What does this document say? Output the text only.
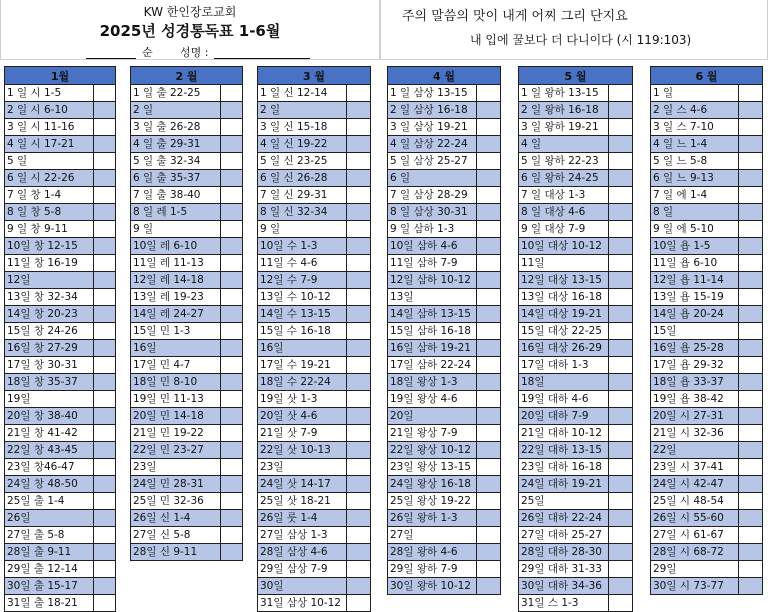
KW 한인장로교회
2025년 성경통독표 1-6월
순 성명 :
주의 말씀의 맛이 내게 어찌 그리 단지요
내 입에 꿀보다 더 다니이다 (시 119:103)
1월	
1 일 시 1-5	
2 일 시 6-10	
3 일 시 11-16	
4 일 시 17-21	
5 일	
6 일 시 22-26	
7 일 창 1-4	
8 일 창 5-8	
9 일 창 9-11	
10일 창 12-15	
11일 창 16-19	
12일	
13일 창 32-34	
14일 창 20-23	
15일 창 24-26	
16일 창 27-29	
17일 창 30-31	
18일 창 35-37	
19일	
20일 창 38-40	
21일 창 41-42	
22일 창 43-45	
23일 창46-47	
24일 창 48-50	
25일 출 1-4	
26일	
27일 출 5-8	
28일 출 9-11	
29일 출 12-14	
30일 출 15-17	
31일 출 18-21	
2 월	
1 일 출 22-25	
2 일	
3 일 출 26-28	
4 일 출 29-31	
5 일 출 32-34	
6 일 출 35-37	
7 일 출 38-40	
8 일 레 1-5	
9 일	
10일 레 6-10	
11일 레 11-13	
12일 레 14-18	
13일 레 19-23	
14일 레 24-27	
15일 민 1-3	
16일	
17일 민 4-7	
18일 민 8-10	
19일 민 11-13	
20일 민 14-18	
21일 민 19-22	
22일 민 23-27	
23일	
24일 민 28-31	
25일 민 32-36	
26일 신 1-4	
27일 신 5-8	
28일 신 9-11	
3 월	
1 일 신 12-14	
2 일	
3 일 신 15-18	
4 일 신 19-22	
5 일 신 23-25	
6 일 신 26-28	
7 일 신 29-31	
8 일 신 32-34	
9 일	
10일 수 1-3	
11일 수 4-6	
12일 수 7-9	
13일 수 10-12	
14일 수 13-15	
15일 수 16-18	
16일	
17일 수 19-21	
18일 수 22-24	
19일 삿 1-3	
20일 삿 4-6	
21일 삿 7-9	
22일 삿 10-13	
23일	
24일 삿 14-17	
25일 삿 18-21	
26일 룻 1-4	
27일 삼상 1-3	
28일 삼상 4-6	
29일 삼상 7-9	
30일	
31일 삼상 10-12	
4 월	
1 일 삼상 13-15	
2 일 삼상 16-18	
3 일 삼상 19-21	
4 일 삼상 22-24	
5 일 삼상 25-27	
6 일	
7 일 삼상 28-29	
8 일 삼상 30-31	
9 일 삼하 1-3	
10일 삼하 4-6	
11일 삼하 7-9	
12일 삼하 10-12	
13일	
14일 삼하 13-15	
15일 삼하 16-18	
16일 삼하 19-21	
17일 삼하 22-24	
18일 왕상 1-3	
19일 왕상 4-6	
20일	
21일 왕상 7-9	
22일 왕상 10-12	
23일 왕상 13-15	
24일 왕상 16-18	
25일 왕상 19-22	
26일 왕하 1-3	
27일	
28일 왕하 4-6	
29일 왕하 7-9	
30일 왕하 10-12	
5 월	
1 일 왕하 13-15	
2 일 왕하 16-18	
3 일 왕하 19-21	
4 일	
5 일 왕하 22-23	
6 일 왕하 24-25	
7 일 대상 1-3	
8 일 대상 4-6	
9 일 대상 7-9	
10일 대상 10-12	
11일	
12일 대상 13-15	
13일 대상 16-18	
14일 대상 19-21	
15일 대상 22-25	
16일 대상 26-29	
17일 대하 1-3	
18일	
19일 대하 4-6	
20일 대하 7-9	
21일 대하 10-12	
22일 대하 13-15	
23일 대하 16-18	
24일 대하 19-21	
25일	
26일 대하 22-24	
27일 대하 25-27	
28일 대하 28-30	
29일 대하 31-33	
30일 대하 34-36	
31일 스 1-3	
6 월	
1 일	
2 일 스 4-6	
3 일 스 7-10	
4 일 느 1-4	
5 일 느 5-8	
6 일 느 9-13	
7 일 에 1-4	
8 일	
9 일 에 5-10	
10일 욥 1-5	
11일 욥 6-10	
12일 욥 11-14	
13일 욥 15-19	
14일 욥 20-24	
15일	
16일 욥 25-28	
17일 욥 29-32	
18일 욥 33-37	
19일 욥 38-42	
20일 시 27-31	
21일 시 32-36	
22일	
23일 시 37-41	
24일 시 42-47	
25일 시 48-54	
26일 시 55-60	
27일 시 61-67	
28일 시 68-72	
29일	
30일 시 73-77	
